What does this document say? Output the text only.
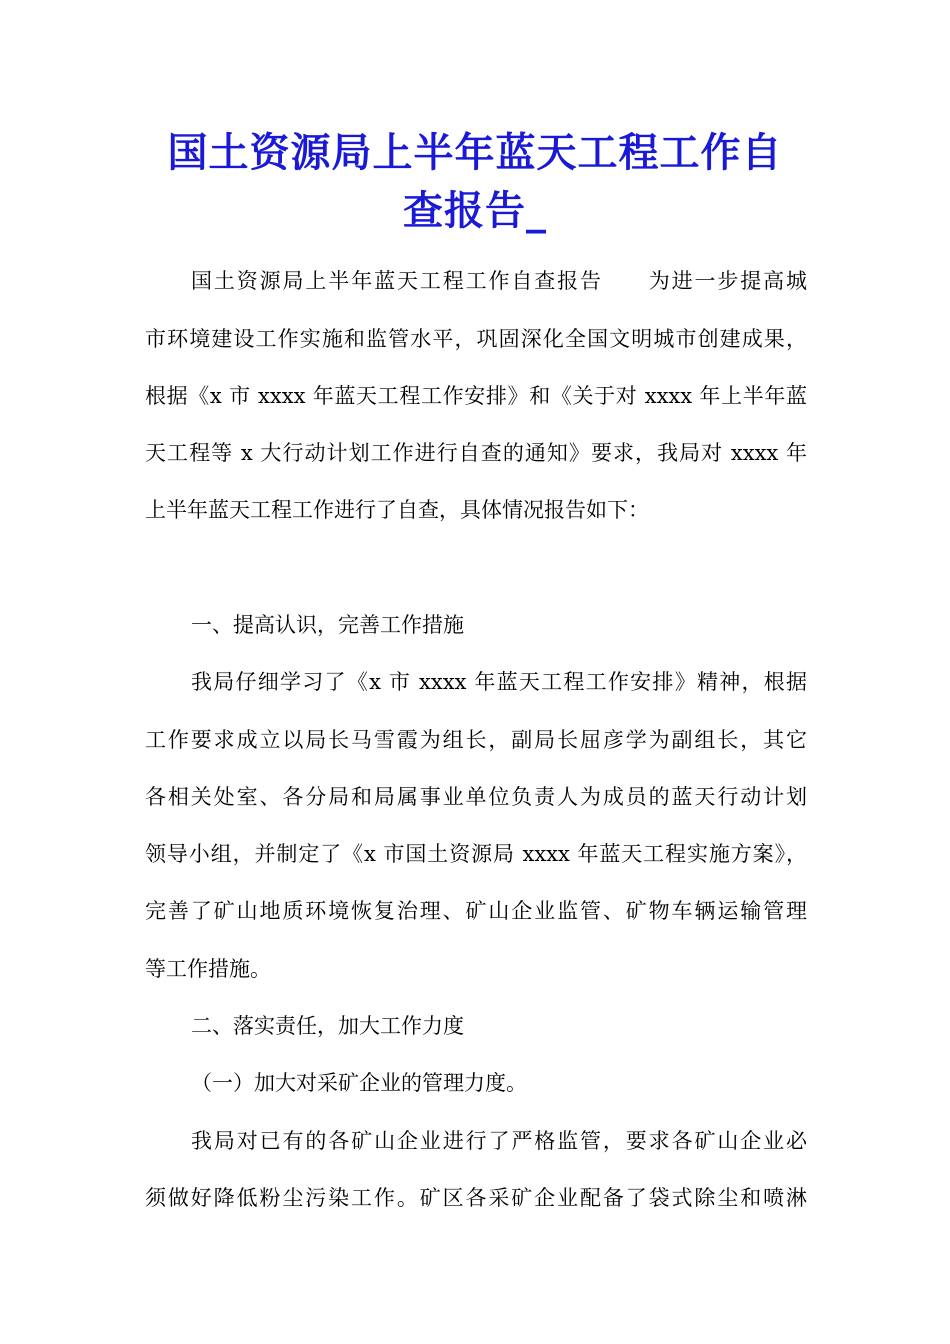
国土资源局上半年蓝天工程工作自
查报告_
国土资源局上半年蓝天工程工作自查报告　　为进一步提高城
市环境建设工作实施和监管水平，巩固深化全国文明城市创建成果，
根据《x 市 xxxx 年蓝天工程工作安排》和《关于对 xxxx 年上半年蓝
天工程等 x 大行动计划工作进行自查的通知》要求，我局对 xxxx 年
上半年蓝天工程工作进行了自查，具体情况报告如下：
一、提高认识，完善工作措施
我局仔细学习了《x 市 xxxx 年蓝天工程工作安排》精神，根据
工作要求成立以局长马雪霞为组长，副局长屈彦学为副组长，其它
各相关处室、各分局和局属事业单位负责人为成员的蓝天行动计划
领导小组，并制定了《x 市国土资源局 xxxx 年蓝天工程实施方案》，
完善了矿山地质环境恢复治理、矿山企业监管、矿物车辆运输管理
等工作措施。
二、落实责任，加大工作力度
（一）加大对采矿企业的管理力度。
我局对已有的各矿山企业进行了严格监管，要求各矿山企业必
须做好降低粉尘污染工作。矿区各采矿企业配备了袋式除尘和喷淋
